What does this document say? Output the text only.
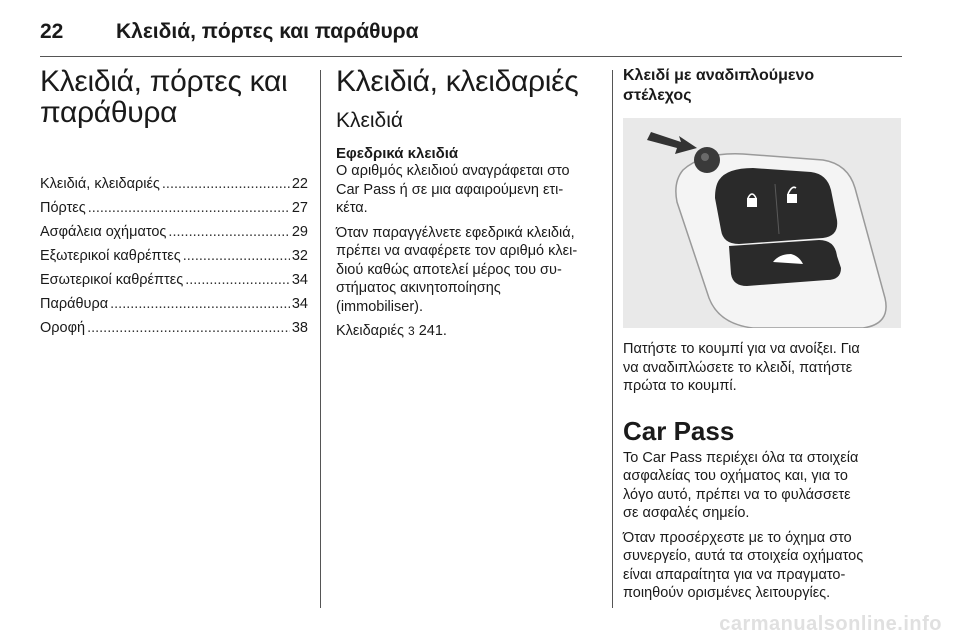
22	Κλειδιά, πόρτες και παράθυρα
Κλειδιά, πόρτες και
παράθυρα
Κλειδιά, κλειδαριές .....	22
Πόρτες .....	27
Ασφάλεια οχήματος .....	29
Εξωτερικοί καθρέπτες .....	32
Εσωτερικοί καθρέπτες .....	34
Παράθυρα .....	34
Οροφή .....	38
Κλειδιά, κλειδαριές
Κλειδιά
Εφεδρικά κλειδιά

Ο αριθμός κλειδιού αναγράφεται στο
Car Pass ή σε μια αφαιρούμενη ετι-
κέτα.

Όταν παραγγέλνετε εφεδρικά κλειδιά,
πρέπει να αναφέρετε τον αριθμό κλει-
διού καθώς αποτελεί μέρος του συ-
στήματος ακινητοποίησης
(immobiliser).

Κλειδαριές 3 241.

Κλειδί με αναδιπλούμενο
στέλεχος

Πατήστε το κουμπί για να ανοίξει. Για
να αναδιπλώσετε το κλειδί, πατήστε
πρώτα το κουμπί.

Car Pass

Το Car Pass περιέχει όλα τα στοιχεία
ασφαλείας του οχήματος και, για το
λόγο αυτό, πρέπει να το φυλάσσετε
σε ασφαλές σημείο.

Όταν προσέρχεστε με το όχημα στο
συνεργείο, αυτά τα στοιχεία οχήματος
είναι απαραίτητα για να πραγματο-
ποιηθούν ορισμένες λειτουργίες.

carmanualsonline.info
